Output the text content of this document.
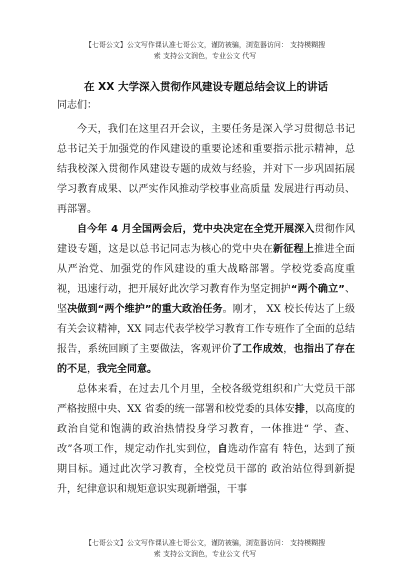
【七哥公文】公文写作课认准七哥公文，谨防被骗，浏览器访问： 支持模糊搜
索 支持公文润色，专业公文 代写
在 XX 大学深入贯彻作风建设专题总结会议上的讲话
同志们：

今天，我们在这里召开会议，主要任务是深入学习贯彻总书记总书记关于加强党的作风建设的重要论述和重要指示批示精神，总结我校深入贯彻作风建设专题的成效与经验，并对下一步巩固拓展学习教育成果、以严实作风推动学校事业高质量 发展进行再动员、再部署。

自今年 4 月全国两会后，党中央决定在全党开展深入贯彻作风建设专题，这是以总书记同志为核心的党中央在新征程上推进全面从严治党、加强党的作风建设的重大战略部署。学校党委高度重视，迅速行动，把开展好此次学习教育作为坚定拥护“两个确立”、坚决做到“两个维护”的重大政治任务。刚才， XX 校长传达了上级有关会议精神，XX 同志代表学校学习教育工作专班作了全面的总结报告，系统回顾了主要做法，客观评价了工作成效，也指出了存在的不足，我完全同意。

总体来看，在过去几个月里，全校各级党组织和广大党员干部严格按照中央、XX 省委的统一部署和校党委的具体安排，以高度的政治自觉和饱满的政治热情投身学习教育，一体推进“ 学、查、改”各项工作，规定动作扎实到位，自选动作富有 特色，达到了预期目标。通过此次学习教育，全校党员干部的 政治站位得到新提升，纪律意识和规矩意识实现新增强，干事

【七哥公文】公文写作课认准七哥公文，谨防被骗，浏览器访问： 支持模糊搜
索 支持公文润色，专业公文 代写
